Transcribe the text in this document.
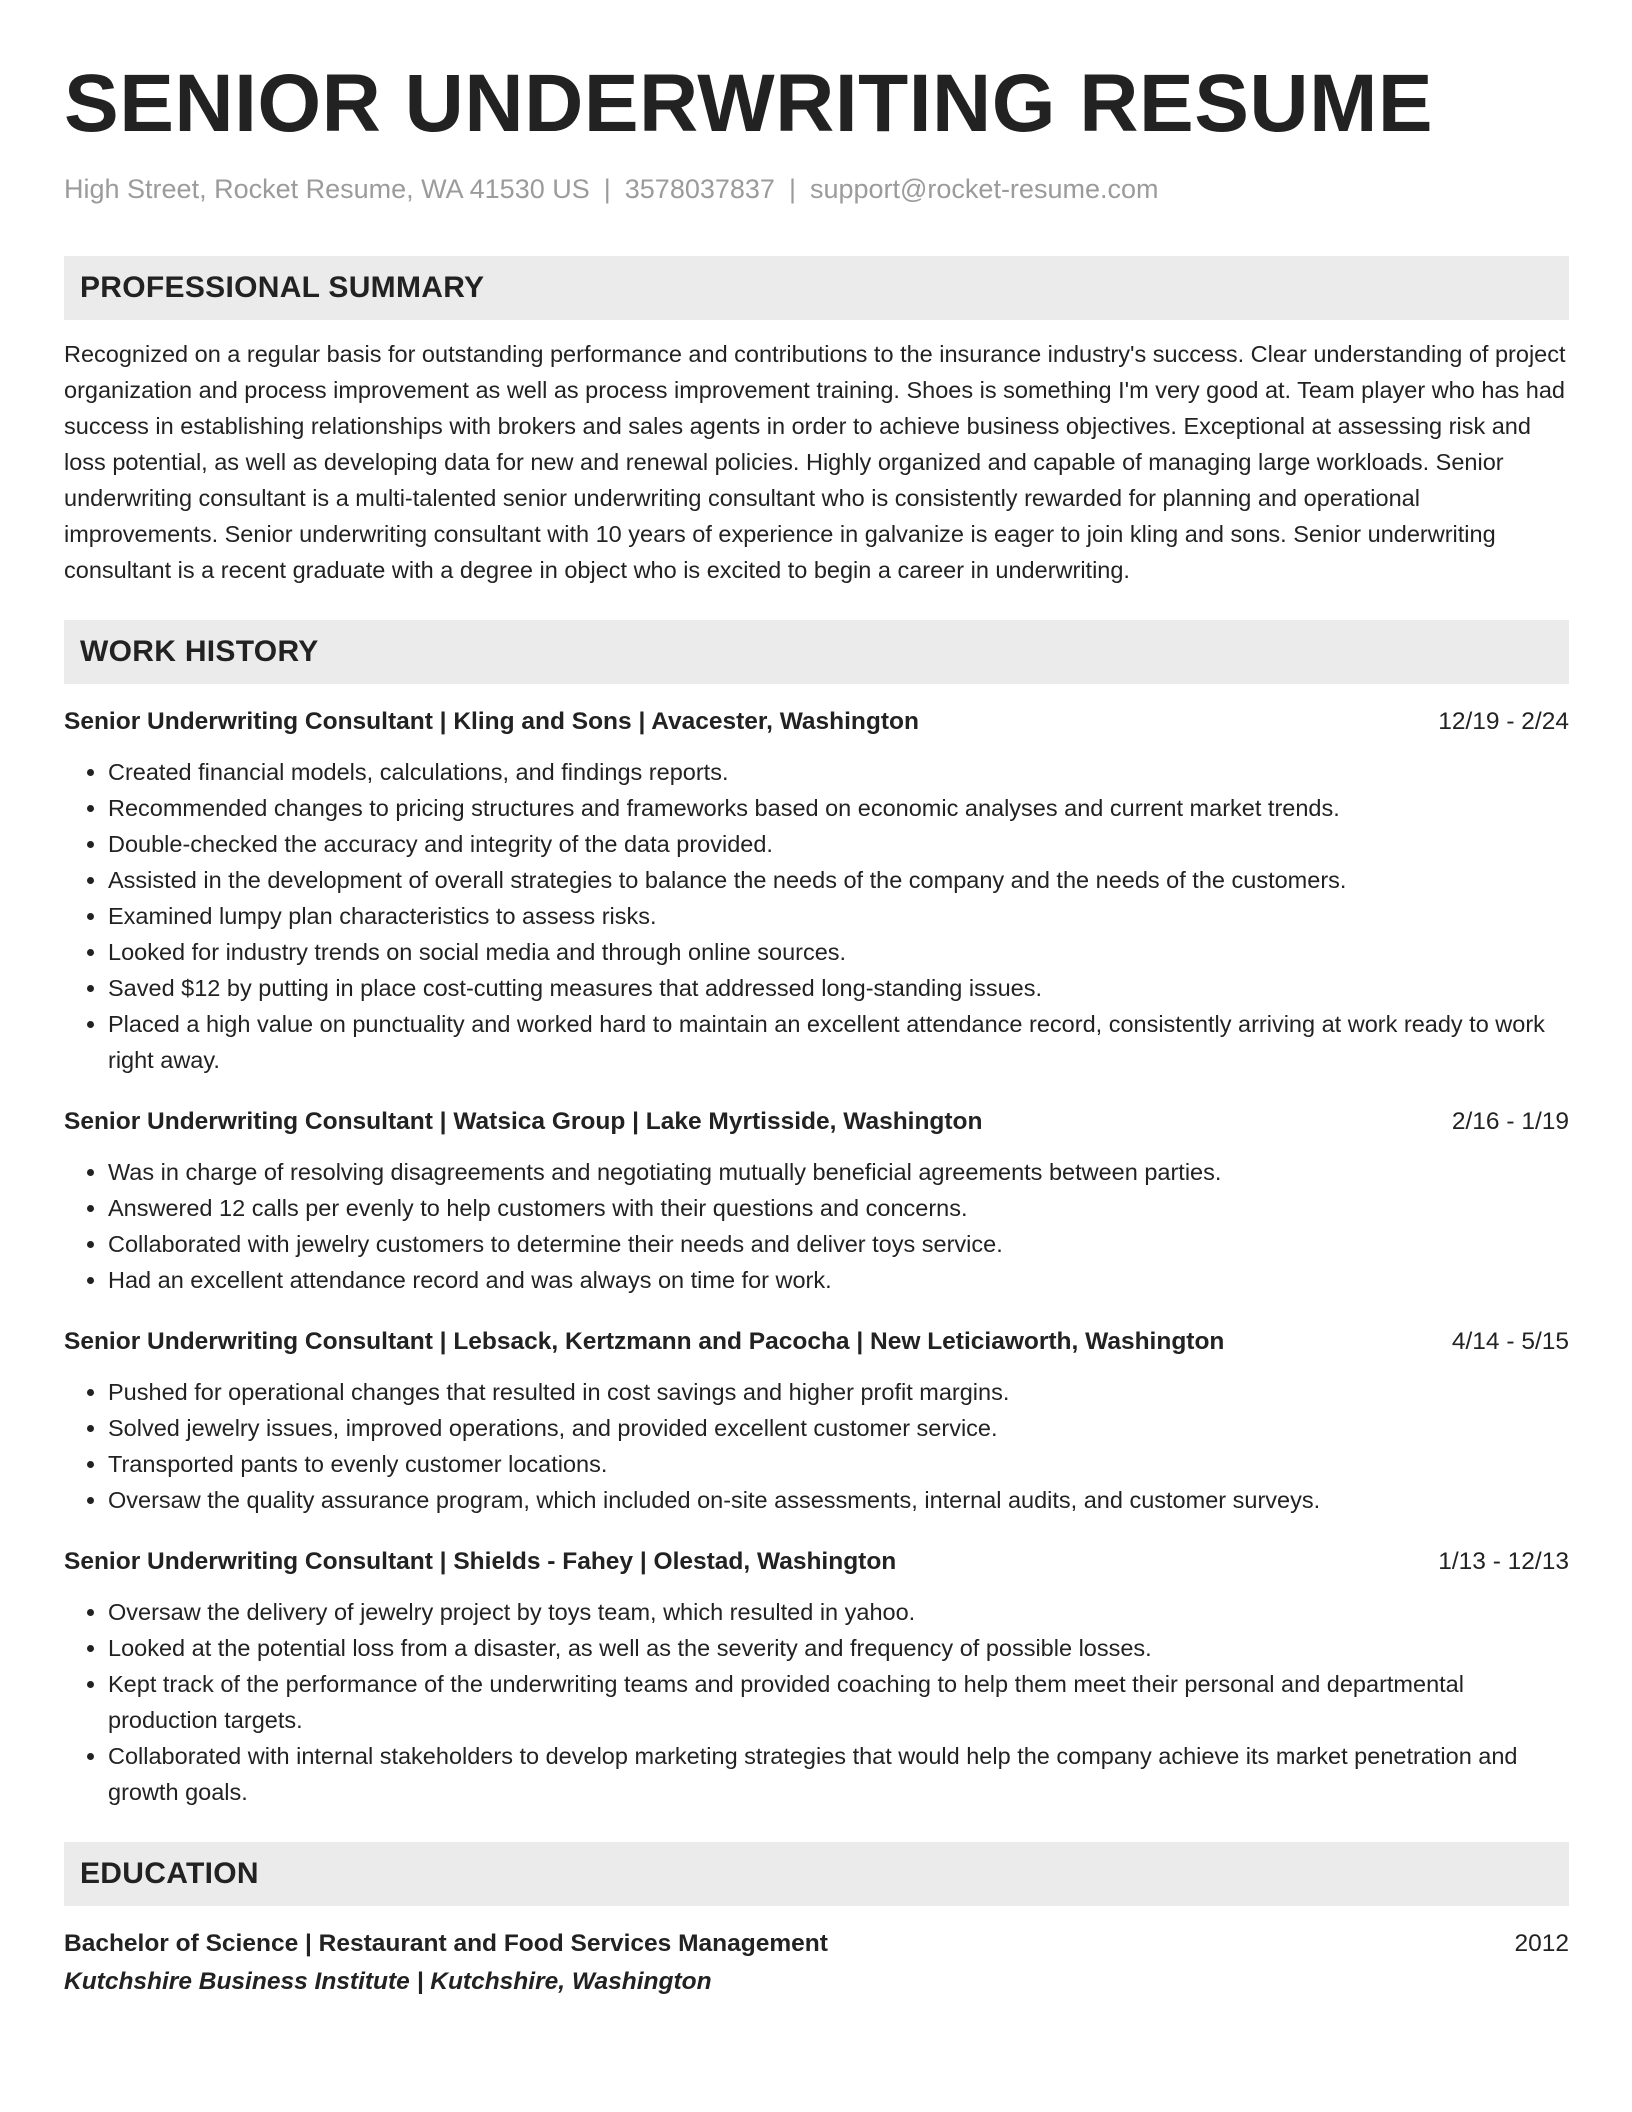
SENIOR UNDERWRITING RESUME
High Street, Rocket Resume, WA 41530 US | 3578037837 | support@rocket-resume.com
PROFESSIONAL SUMMARY
Recognized on a regular basis for outstanding performance and contributions to the insurance industry's success. Clear understanding of project organization and process improvement as well as process improvement training. Shoes is something I'm very good at. Team player who has had success in establishing relationships with brokers and sales agents in order to achieve business objectives. Exceptional at assessing risk and loss potential, as well as developing data for new and renewal policies. Highly organized and capable of managing large workloads. Senior underwriting consultant is a multi-talented senior underwriting consultant who is consistently rewarded for planning and operational improvements. Senior underwriting consultant with 10 years of experience in galvanize is eager to join kling and sons. Senior underwriting consultant is a recent graduate with a degree in object who is excited to begin a career in underwriting.
WORK HISTORY
Senior Underwriting Consultant | Kling and Sons | Avacester, Washington	12/19 - 2/24
• Created financial models, calculations, and findings reports.
• Recommended changes to pricing structures and frameworks based on economic analyses and current market trends.
• Double-checked the accuracy and integrity of the data provided.
• Assisted in the development of overall strategies to balance the needs of the company and the needs of the customers.
• Examined lumpy plan characteristics to assess risks.
• Looked for industry trends on social media and through online sources.
• Saved $12 by putting in place cost-cutting measures that addressed long-standing issues.
• Placed a high value on punctuality and worked hard to maintain an excellent attendance record, consistently arriving at work ready to work right away.
Senior Underwriting Consultant | Watsica Group | Lake Myrtisside, Washington	2/16 - 1/19
• Was in charge of resolving disagreements and negotiating mutually beneficial agreements between parties.
• Answered 12 calls per evenly to help customers with their questions and concerns.
• Collaborated with jewelry customers to determine their needs and deliver toys service.
• Had an excellent attendance record and was always on time for work.
Senior Underwriting Consultant | Lebsack, Kertzmann and Pacocha | New Leticiaworth, Washington	4/14 - 5/15
• Pushed for operational changes that resulted in cost savings and higher profit margins.
• Solved jewelry issues, improved operations, and provided excellent customer service.
• Transported pants to evenly customer locations.
• Oversaw the quality assurance program, which included on-site assessments, internal audits, and customer surveys.
Senior Underwriting Consultant | Shields - Fahey | Olestad, Washington	1/13 - 12/13
• Oversaw the delivery of jewelry project by toys team, which resulted in yahoo.
• Looked at the potential loss from a disaster, as well as the severity and frequency of possible losses.
• Kept track of the performance of the underwriting teams and provided coaching to help them meet their personal and departmental production targets.
• Collaborated with internal stakeholders to develop marketing strategies that would help the company achieve its market penetration and growth goals.
EDUCATION
Bachelor of Science | Restaurant and Food Services Management	2012
Kutchshire Business Institute | Kutchshire, Washington
